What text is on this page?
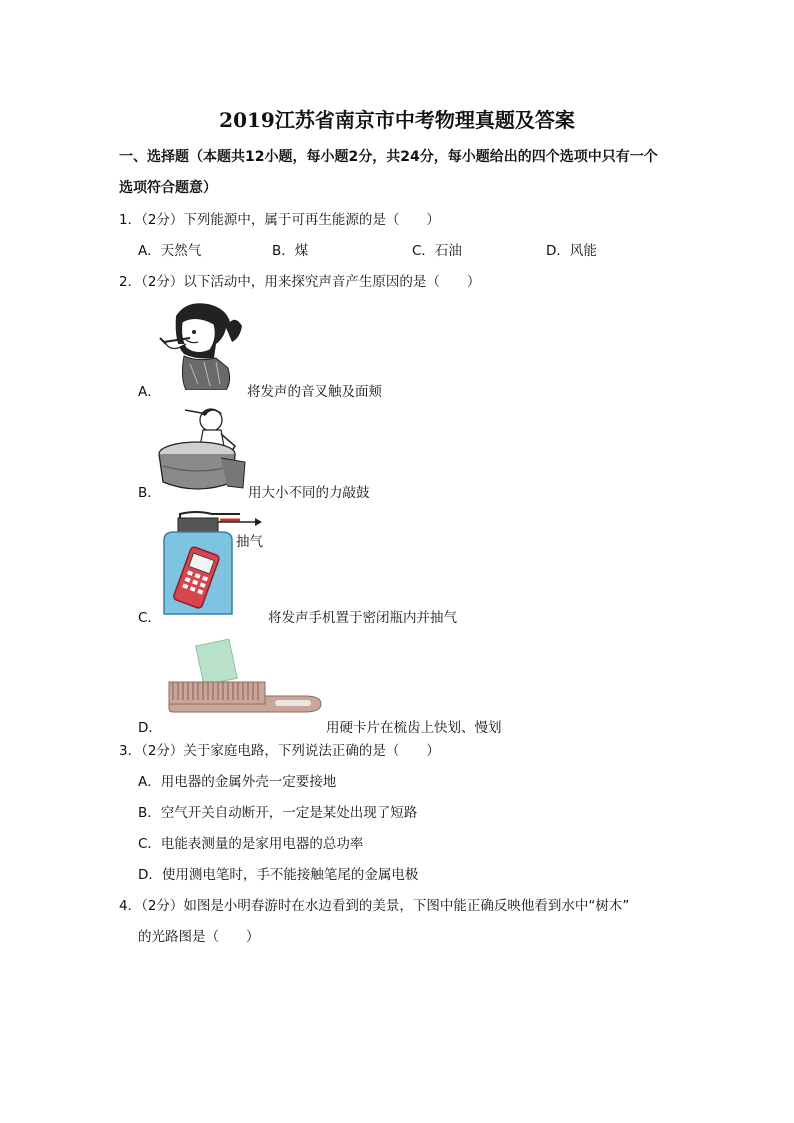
2019江苏省南京市中考物理真题及答案
一、选择题（本题共12小题，每小题2分，共24分，每小题给出的四个选项中只有一个
选项符合题意）
1．（2分）下列能源中，属于可再生能源的是（　　）
A．天然气	B．煤	C．石油	D．风能
2．（2分）以下活动中，用来探究声音产生原因的是（　　）
A．	将发声的音叉触及面颊
B．	用大小不同的力敲鼓
抽气
C．	将发声手机置于密闭瓶内并抽气
D．	用硬卡片在梳齿上快划、慢划
3．（2分）关于家庭电路，下列说法正确的是（　　）
A．用电器的金属外壳一定要接地
B．空气开关自动断开，一定是某处出现了短路
C．电能表测量的是家用电器的总功率
D．使用测电笔时，手不能接触笔尾的金属电极
4．（2分）如图是小明春游时在水边看到的美景，下图中能正确反映他看到水中“树木”
的光路图是（　　）
